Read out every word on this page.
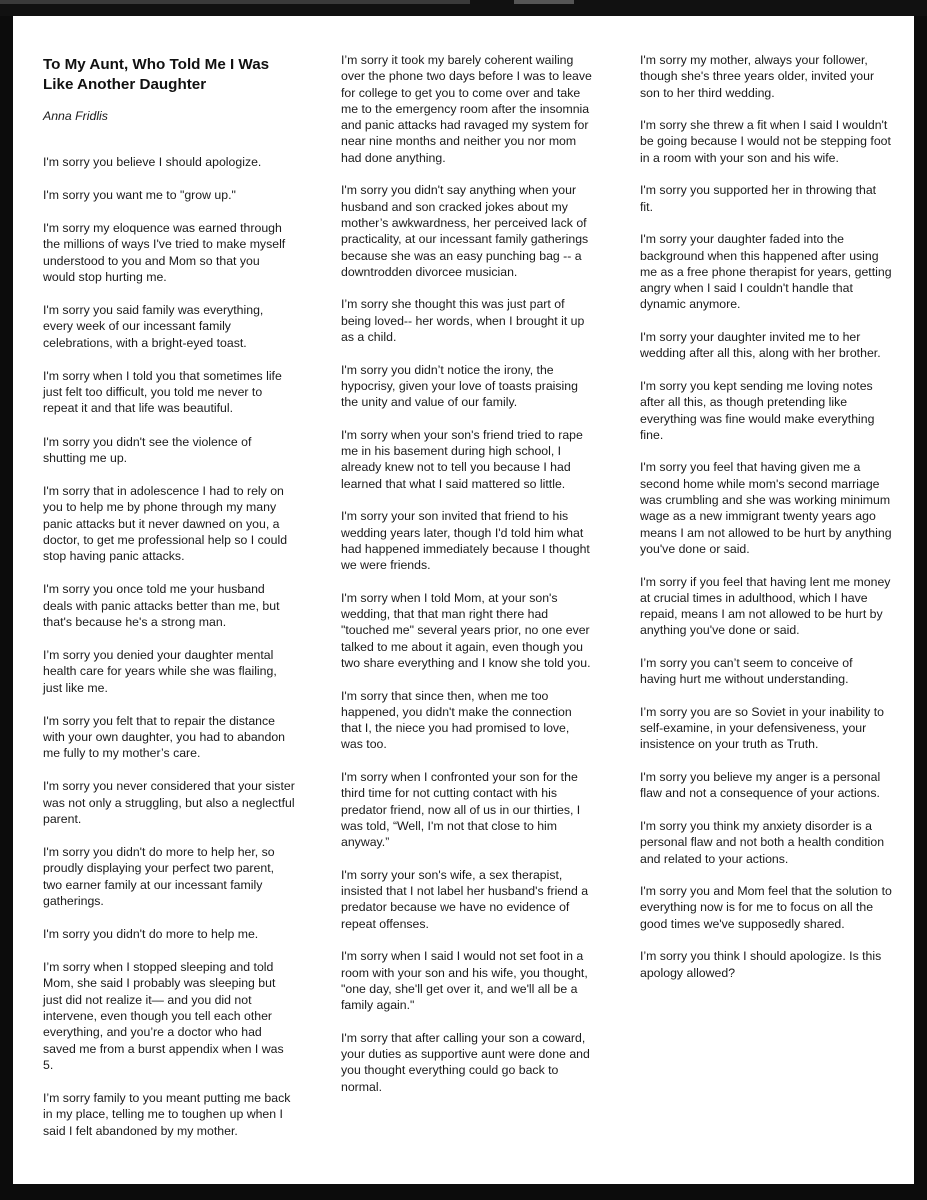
To My Aunt, Who Told Me I Was Like Another Daughter
Anna Fridlis

I'm sorry you believe I should apologize.

I'm sorry you want me to "grow up."

I'm sorry my eloquence was earned through the millions of ways I've tried to make myself understood to you and Mom so that you would stop hurting me.

I'm sorry you said family was everything, every week of our incessant family celebrations, with a bright-eyed toast.

I'm sorry when I told you that sometimes life just felt too difficult, you told me never to repeat it and that life was beautiful.

I'm sorry you didn't see the violence of shutting me up.

I'm sorry that in adolescence I had to rely on you to help me by phone through my many panic attacks but it never dawned on you, a doctor, to get me professional help so I could stop having panic attacks.

I'm sorry you once told me your husband deals with panic attacks better than me, but that's because he's a strong man.

I’m sorry you denied your daughter mental health care for years while she was flailing, just like me.

I'm sorry you felt that to repair the distance with your own daughter, you had to abandon me fully to my mother’s care.

I'm sorry you never considered that your sister was not only a struggling, but also a neglectful parent.

I'm sorry you didn't do more to help her, so proudly displaying your perfect two parent, two earner family at our incessant family gatherings.

I'm sorry you didn't do more to help me.

I’m sorry when I stopped sleeping and told Mom, she said I probably was sleeping but just did not realize it— and you did not intervene, even though you tell each other everything, and you’re a doctor who had saved me from a burst appendix when I was 5.

I’m sorry family to you meant putting me back in my place, telling me to toughen up when I said I felt abandoned by my mother.

I’m sorry it took my barely coherent wailing over the phone two days before I was to leave for college to get you to come over and take me to the emergency room after the insomnia and panic attacks had ravaged my system for near nine months and neither you nor mom had done anything.

I'm sorry you didn't say anything when your husband and son cracked jokes about my mother’s awkwardness, her perceived lack of practicality, at our incessant family gatherings because she was an easy punching bag -- a downtrodden divorcee musician.

I’m sorry she thought this was just part of being loved-- her words, when I brought it up as a child.

I'm sorry you didn’t notice the irony, the hypocrisy, given your love of toasts praising the unity and value of our family.

I'm sorry when your son's friend tried to rape me in his basement during high school, I already knew not to tell you because I had learned that what I said mattered so little.

I'm sorry your son invited that friend to his wedding years later, though I'd told him what had happened immediately because I thought we were friends.

I'm sorry when I told Mom, at your son's wedding, that that man right there had "touched me" several years prior, no one ever talked to me about it again, even though you two share everything and I know she told you.

I'm sorry that since then, when me too happened, you didn't make the connection that I, the niece you had promised to love, was too.

I'm sorry when I confronted your son for the third time for not cutting contact with his predator friend, now all of us in our thirties, I was told, “Well, I'm not that close to him anyway.”

I'm sorry your son's wife, a sex therapist, insisted that I not label her husband's friend a predator because we have no evidence of repeat offenses.

I'm sorry when I said I would not set foot in a room with your son and his wife, you thought, "one day, she'll get over it, and we'll all be a family again."

I'm sorry that after calling your son a coward, your duties as supportive aunt were done and you thought everything could go back to normal.

I'm sorry my mother, always your follower, though she's three years older, invited your son to her third wedding.

I'm sorry she threw a fit when I said I wouldn't be going because I would not be stepping foot in a room with your son and his wife.

I'm sorry you supported her in throwing that fit.

I'm sorry your daughter faded into the background when this happened after using me as a free phone therapist for years, getting angry when I said I couldn't handle that dynamic anymore.

I'm sorry your daughter invited me to her wedding after all this, along with her brother.

I'm sorry you kept sending me loving notes after all this, as though pretending like everything was fine would make everything fine.

I'm sorry you feel that having given me a second home while mom's second marriage was crumbling and she was working minimum wage as a new immigrant twenty years ago means I am not allowed to be hurt by anything you've done or said.

I'm sorry if you feel that having lent me money at crucial times in adulthood, which I have repaid, means I am not allowed to be hurt by anything you've done or said.

I’m sorry you can’t seem to conceive of having hurt me without understanding.

I’m sorry you are so Soviet in your inability to self-examine, in your defensiveness, your insistence on your truth as Truth.

I'm sorry you believe my anger is a personal flaw and not a consequence of your actions.

I'm sorry you think my anxiety disorder is a personal flaw and not both a health condition and related to your actions.

I'm sorry you and Mom feel that the solution to everything now is for me to focus on all the good times we've supposedly shared.

I’m sorry you think I should apologize. Is this apology allowed?
